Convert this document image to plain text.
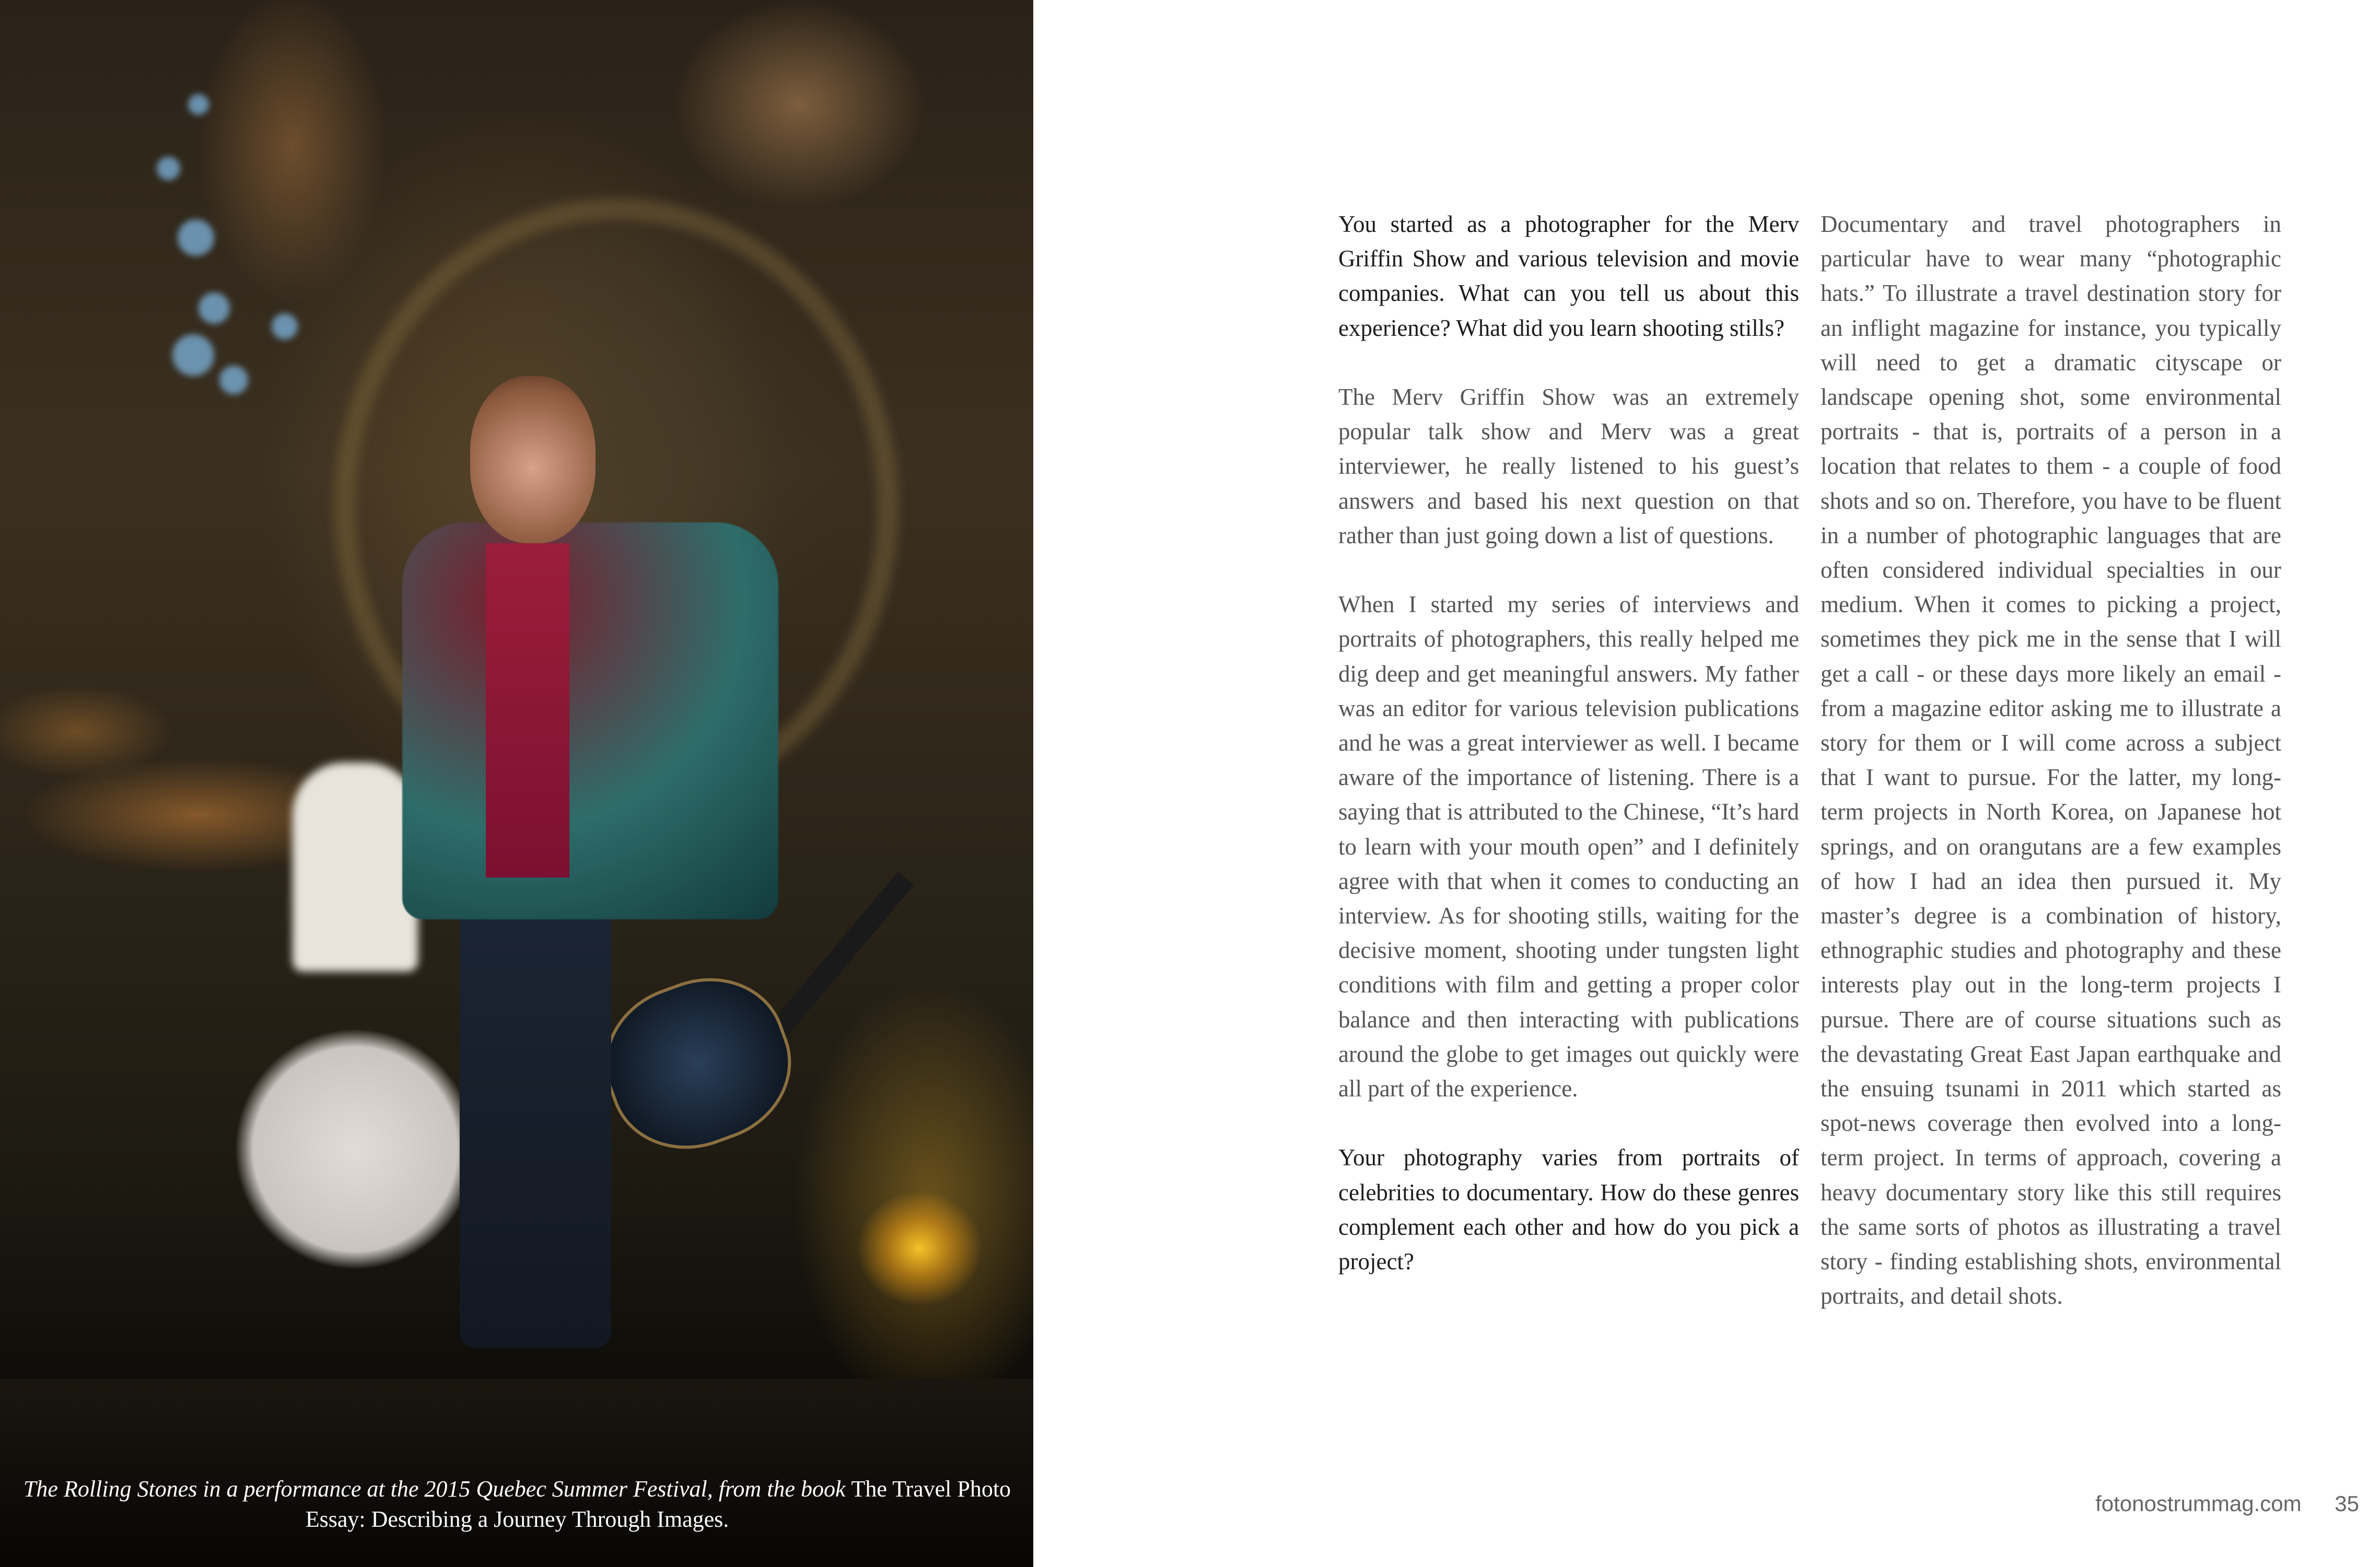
The Rolling Stones in a performance at the 2015 Quebec Summer Festival, from the book The Travel Photo Essay: Describing a Journey Through Images.

You started as a photographer for the Merv Griffin Show and various television and movie companies. What can you tell us about this experience? What did you learn shooting stills?

The Merv Griffin Show was an extremely popular talk show and Merv was a great interviewer, he really listened to his guest’s answers and based his next question on that rather than just going down a list of questions.

When I started my series of interviews and portraits of photographers, this really helped me dig deep and get meaningful answers. My father was an editor for various television publications and he was a great interviewer as well. I became aware of the importance of listening. There is a saying that is attributed to the Chinese, “It’s hard to learn with your mouth open” and I definitely agree with that when it comes to conducting an interview. As for shooting stills, waiting for the decisive moment, shooting under tungsten light conditions with film and getting a proper color balance and then interacting with publications around the globe to get images out quickly were all part of the experience.

Your photography varies from portraits of celebrities to documentary. How do these genres complement each other and how do you pick a project?

Documentary and travel photographers in particular have to wear many “photographic hats.” To illustrate a travel destination story for an inflight magazine for instance, you typically will need to get a dramatic cityscape or landscape opening shot, some environmental portraits - that is, portraits of a person in a location that relates to them - a couple of food shots and so on. Therefore, you have to be fluent in a number of photographic languages that are often considered individual specialties in our medium. When it comes to picking a project, sometimes they pick me in the sense that I will get a call - or these days more likely an email - from a magazine editor asking me to illustrate a story for them or I will come across a subject that I want to pursue. For the latter, my long-term projects in North Korea, on Japanese hot springs, and on orangutans are a few examples of how I had an idea then pursued it. My master’s degree is a combination of history, ethnographic studies and photography and these interests play out in the long-term projects I pursue. There are of course situations such as the devastating Great East Japan earthquake and the ensuing tsunami in 2011 which started as spot-news coverage then evolved into a long-term project. In terms of approach, covering a heavy documentary story like this still requires the same sorts of photos as illustrating a travel story - finding establishing shots, environmental portraits, and detail shots.

fotonostrummag.com 35
